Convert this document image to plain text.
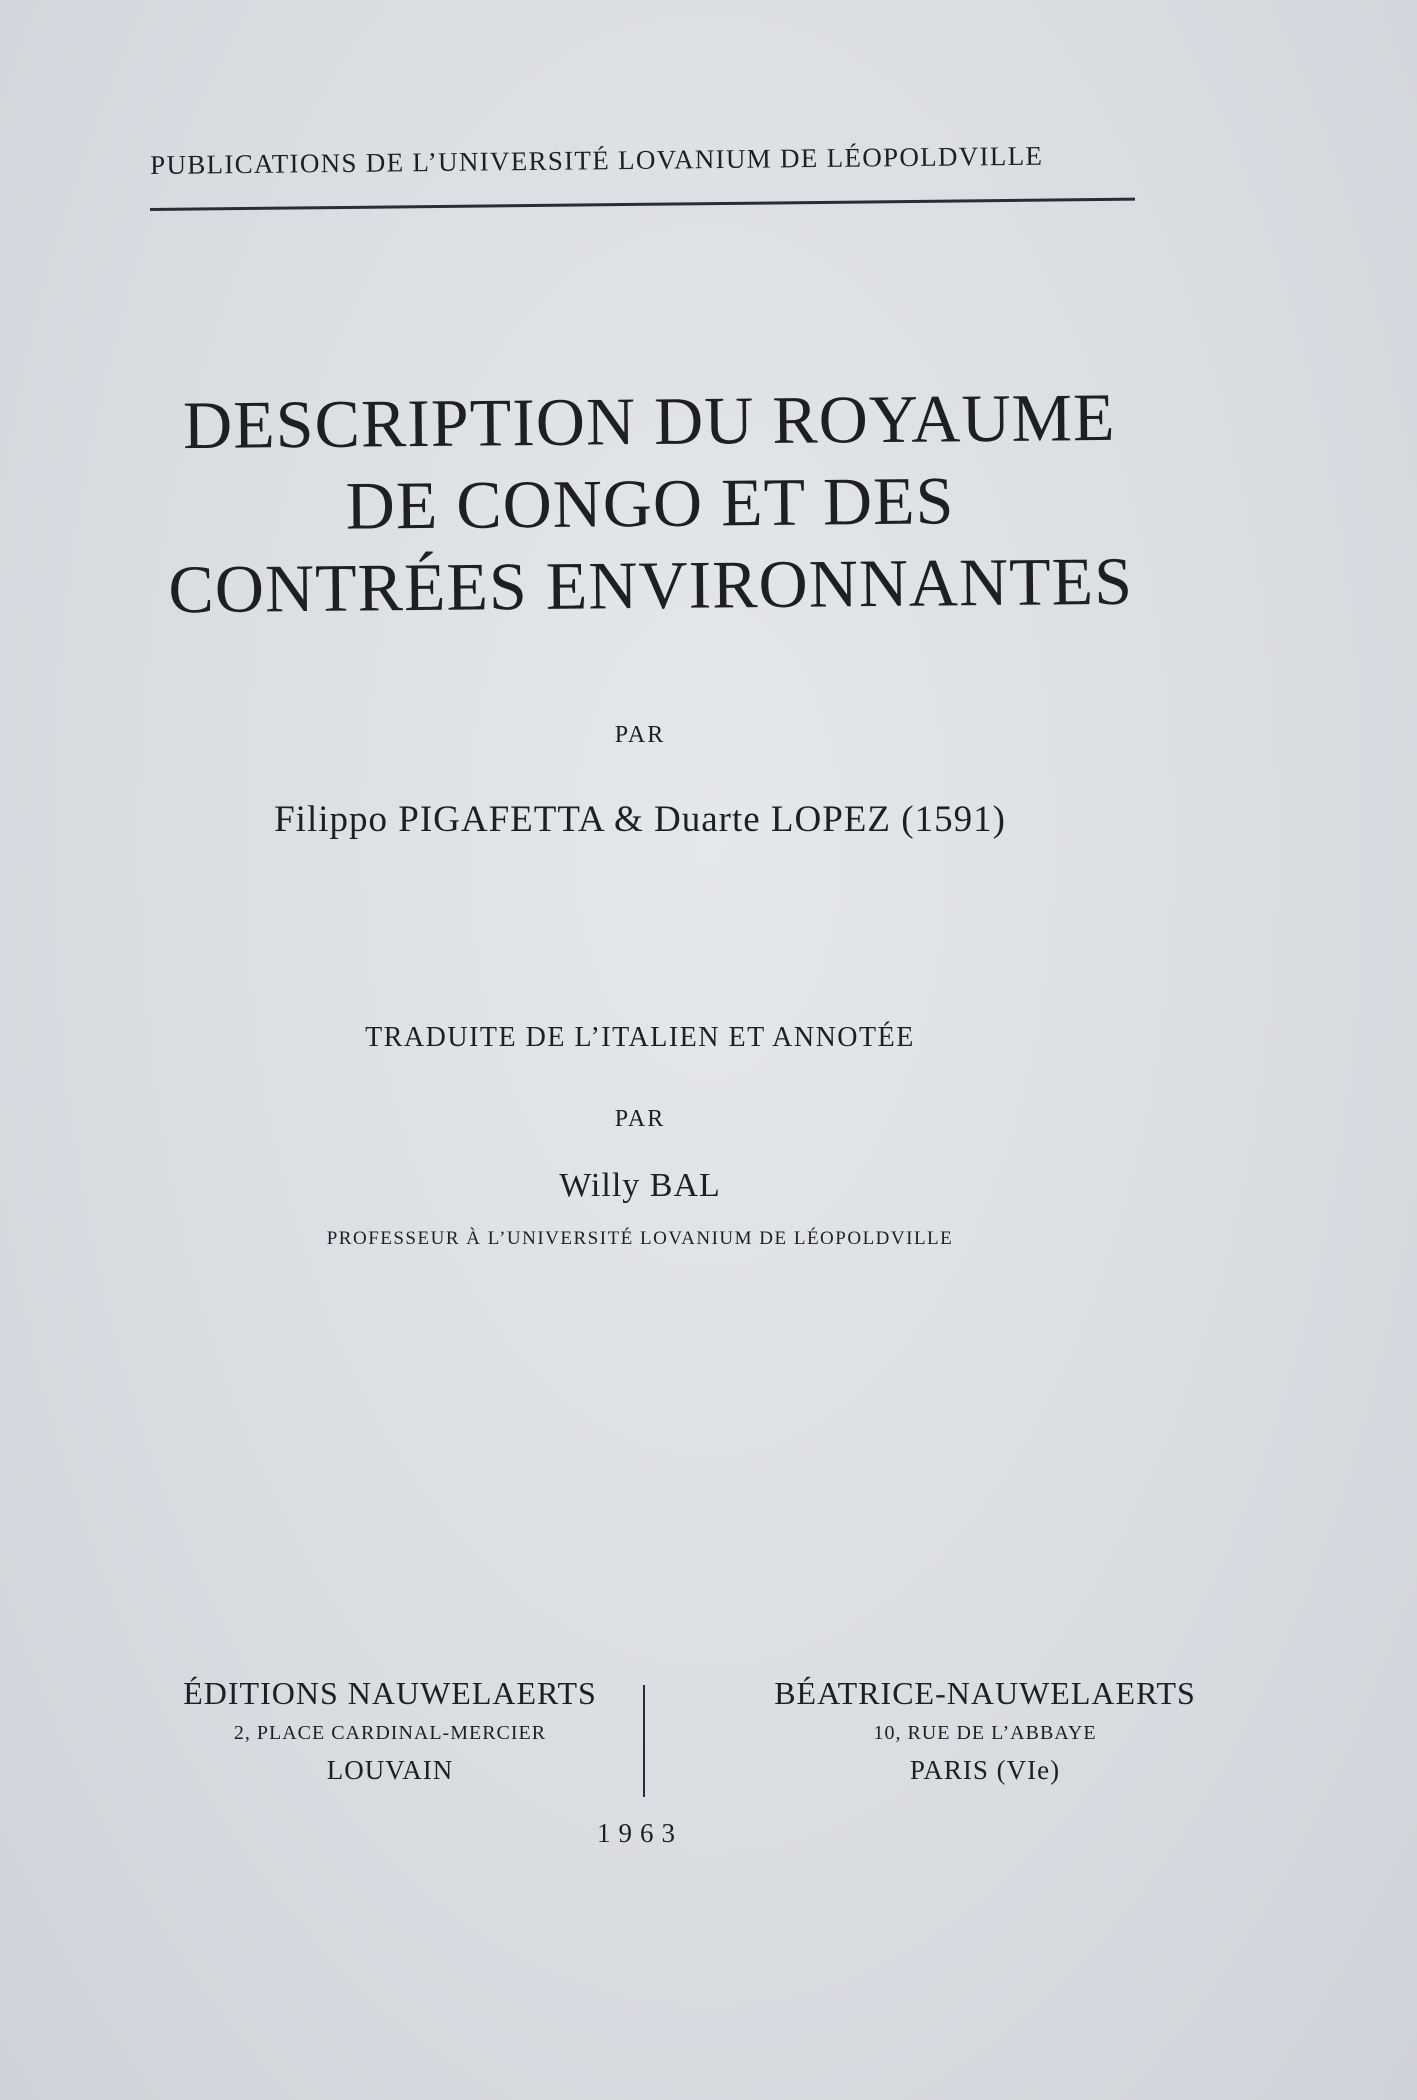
PUBLICATIONS DE L’UNIVERSITÉ LOVANIUM DE LÉOPOLDVILLE
DESCRIPTION DU ROYAUME
DE CONGO ET DES
CONTRÉES ENVIRONNANTES
PAR
Filippo PIGAFETTA & Duarte LOPEZ (1591)
TRADUITE DE L’ITALIEN ET ANNOTÉE
PAR
Willy BAL
PROFESSEUR À L’UNIVERSITÉ LOVANIUM DE LÉOPOLDVILLE
ÉDITIONS NAUWELAERTS
2, PLACE CARDINAL-MERCIER
LOUVAIN
BÉATRICE-NAUWELAERTS
10, RUE DE L’ABBAYE
PARIS (VIe)
1963
